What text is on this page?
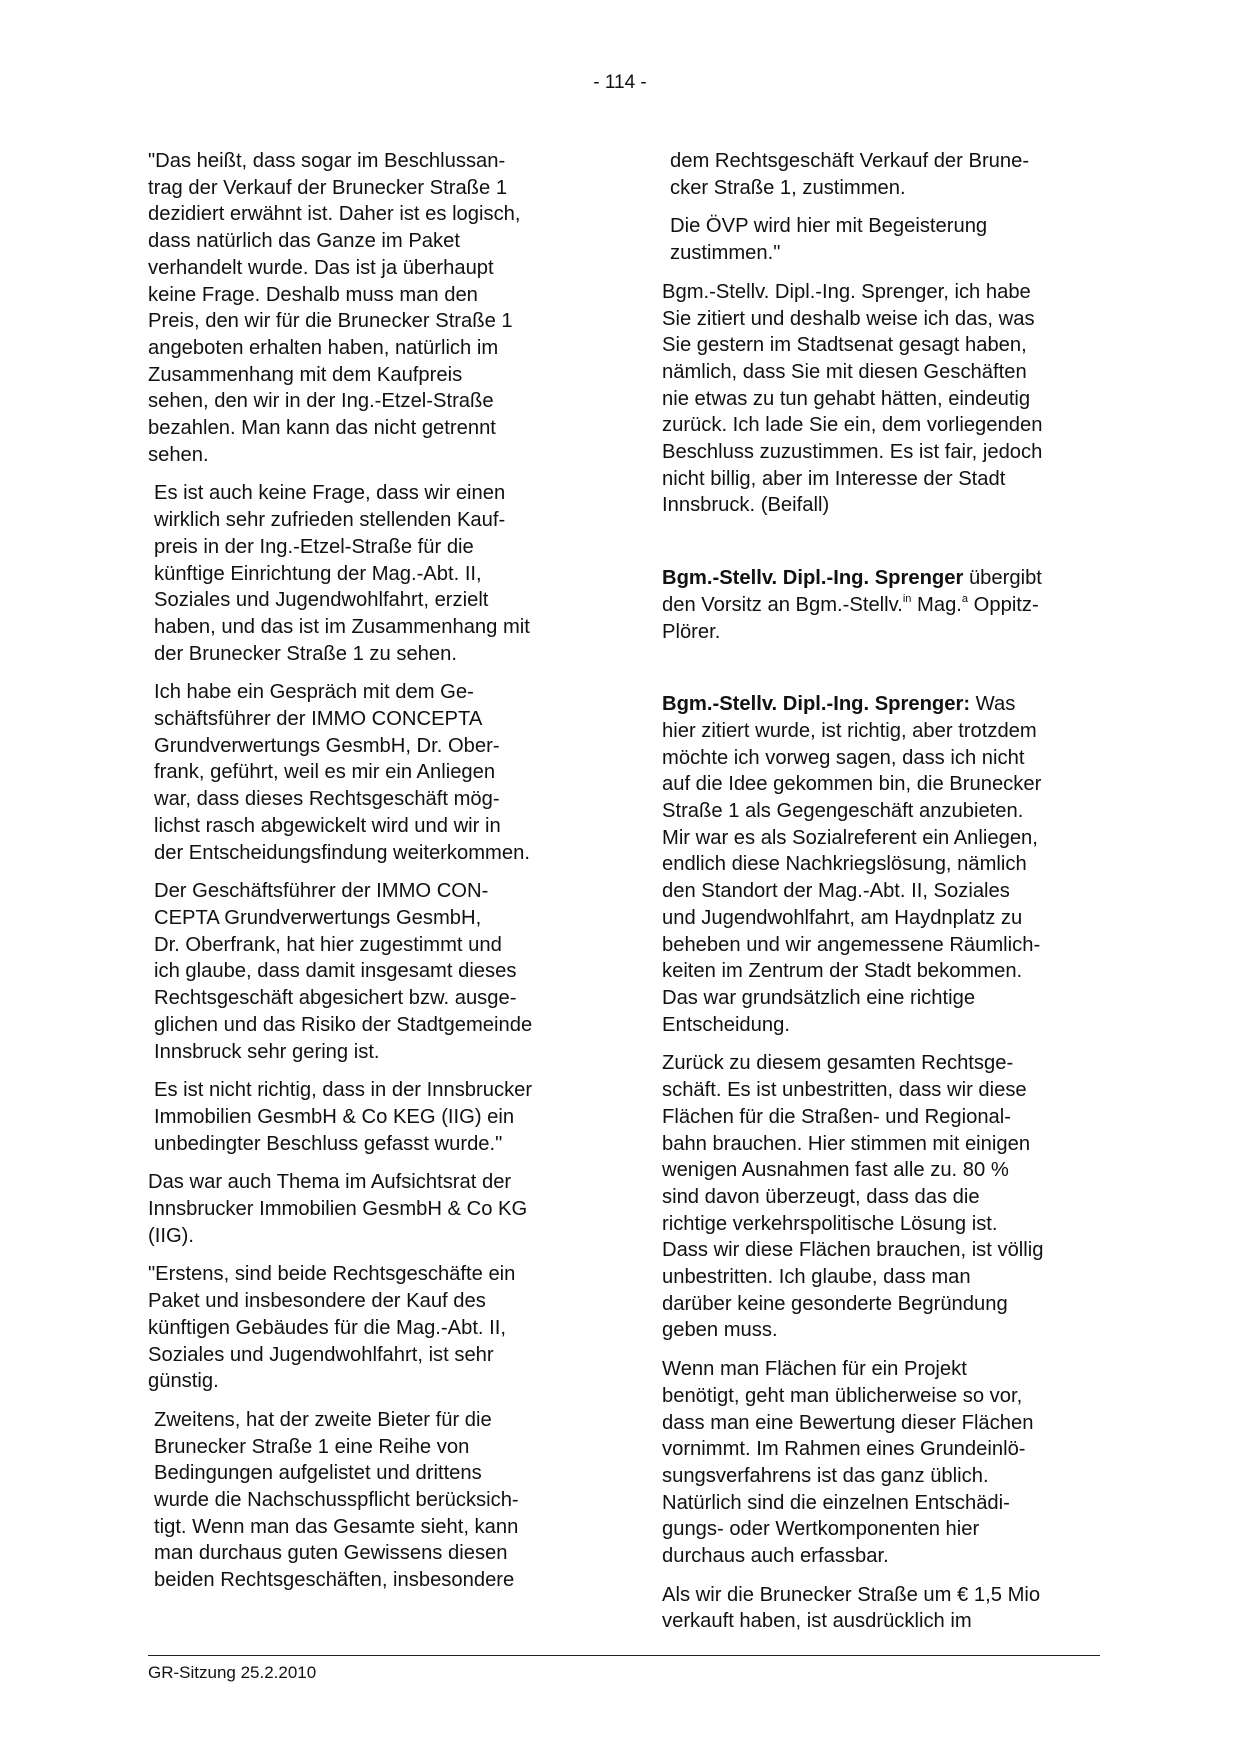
- 114 -

"Das heißt, dass sogar im Beschlussan-
trag der Verkauf der Brunecker Straße 1
dezidiert erwähnt ist. Daher ist es logisch,
dass natürlich das Ganze im Paket
verhandelt wurde. Das ist ja überhaupt
keine Frage. Deshalb muss man den
Preis, den wir für die Brunecker Straße 1
angeboten erhalten haben, natürlich im
Zusammenhang mit dem Kaufpreis
sehen, den wir in der Ing.-Etzel-Straße
bezahlen. Man kann das nicht getrennt
sehen.

Es ist auch keine Frage, dass wir einen
wirklich sehr zufrieden stellenden Kauf-
preis in der Ing.-Etzel-Straße für die
künftige Einrichtung der Mag.-Abt. II,
Soziales und Jugendwohlfahrt, erzielt
haben, und das ist im Zusammenhang mit
der Brunecker Straße 1 zu sehen.

Ich habe ein Gespräch mit dem Ge-
schäftsführer der IMMO CONCEPTA
Grundverwertungs GesmbH, Dr. Ober-
frank, geführt, weil es mir ein Anliegen
war, dass dieses Rechtsgeschäft mög-
lichst rasch abgewickelt wird und wir in
der Entscheidungsfindung weiterkommen.

Der Geschäftsführer der IMMO CON-
CEPTA Grundverwertungs GesmbH,
Dr. Oberfrank, hat hier zugestimmt und
ich glaube, dass damit insgesamt dieses
Rechtsgeschäft abgesichert bzw. ausge-
glichen und das Risiko der Stadtgemeinde
Innsbruck sehr gering ist.

Es ist nicht richtig, dass in der Innsbrucker
Immobilien GesmbH & Co KEG (IIG) ein
unbedingter Beschluss gefasst wurde."

Das war auch Thema im Aufsichtsrat der
Innsbrucker Immobilien GesmbH & Co KG
(IIG).

"Erstens, sind beide Rechtsgeschäfte ein
Paket und insbesondere der Kauf des
künftigen Gebäudes für die Mag.-Abt. II,
Soziales und Jugendwohlfahrt, ist sehr
günstig.

Zweitens, hat der zweite Bieter für die
Brunecker Straße 1 eine Reihe von
Bedingungen aufgelistet und drittens
wurde die Nachschusspflicht berücksich-
tigt. Wenn man das Gesamte sieht, kann
man durchaus guten Gewissens diesen
beiden Rechtsgeschäften, insbesondere

dem Rechtsgeschäft Verkauf der Brune-
cker Straße 1, zustimmen.

Die ÖVP wird hier mit Begeisterung
zustimmen."

Bgm.-Stellv. Dipl.-Ing. Sprenger, ich habe
Sie zitiert und deshalb weise ich das, was
Sie gestern im Stadtsenat gesagt haben,
nämlich, dass Sie mit diesen Geschäften
nie etwas zu tun gehabt hätten, eindeutig
zurück. Ich lade Sie ein, dem vorliegenden
Beschluss zuzustimmen. Es ist fair, jedoch
nicht billig, aber im Interesse der Stadt
Innsbruck. (Beifall)

Bgm.-Stellv. Dipl.-Ing. Sprenger übergibt
den Vorsitz an Bgm.-Stellv.$^{in}$ Mag.$^a$ Oppitz-
Plörer.

Bgm.-Stellv. Dipl.-Ing. Sprenger: Was
hier zitiert wurde, ist richtig, aber trotzdem
möchte ich vorweg sagen, dass ich nicht
auf die Idee gekommen bin, die Brunecker
Straße 1 als Gegengeschäft anzubieten.
Mir war es als Sozialreferent ein Anliegen,
endlich diese Nachkriegslösung, nämlich
den Standort der Mag.-Abt. II, Soziales
und Jugendwohlfahrt, am Haydnplatz zu
beheben und wir angemessene Räumlich-
keiten im Zentrum der Stadt bekommen.
Das war grundsätzlich eine richtige
Entscheidung.

Zurück zu diesem gesamten Rechtsge-
schäft. Es ist unbestritten, dass wir diese
Flächen für die Straßen- und Regional-
bahn brauchen. Hier stimmen mit einigen
wenigen Ausnahmen fast alle zu. 80 %
sind davon überzeugt, dass das die
richtige verkehrspolitische Lösung ist.
Dass wir diese Flächen brauchen, ist völlig
unbestritten. Ich glaube, dass man
darüber keine gesonderte Begründung
geben muss.

Wenn man Flächen für ein Projekt
benötigt, geht man üblicherweise so vor,
dass man eine Bewertung dieser Flächen
vornimmt. Im Rahmen eines Grundeinlö-
sungsverfahrens ist das ganz üblich.
Natürlich sind die einzelnen Entschädi-
gungs- oder Wertkomponenten hier
durchaus auch erfassbar.

Als wir die Brunecker Straße um € 1,5 Mio
verkauft haben, ist ausdrücklich im

GR-Sitzung 25.2.2010
